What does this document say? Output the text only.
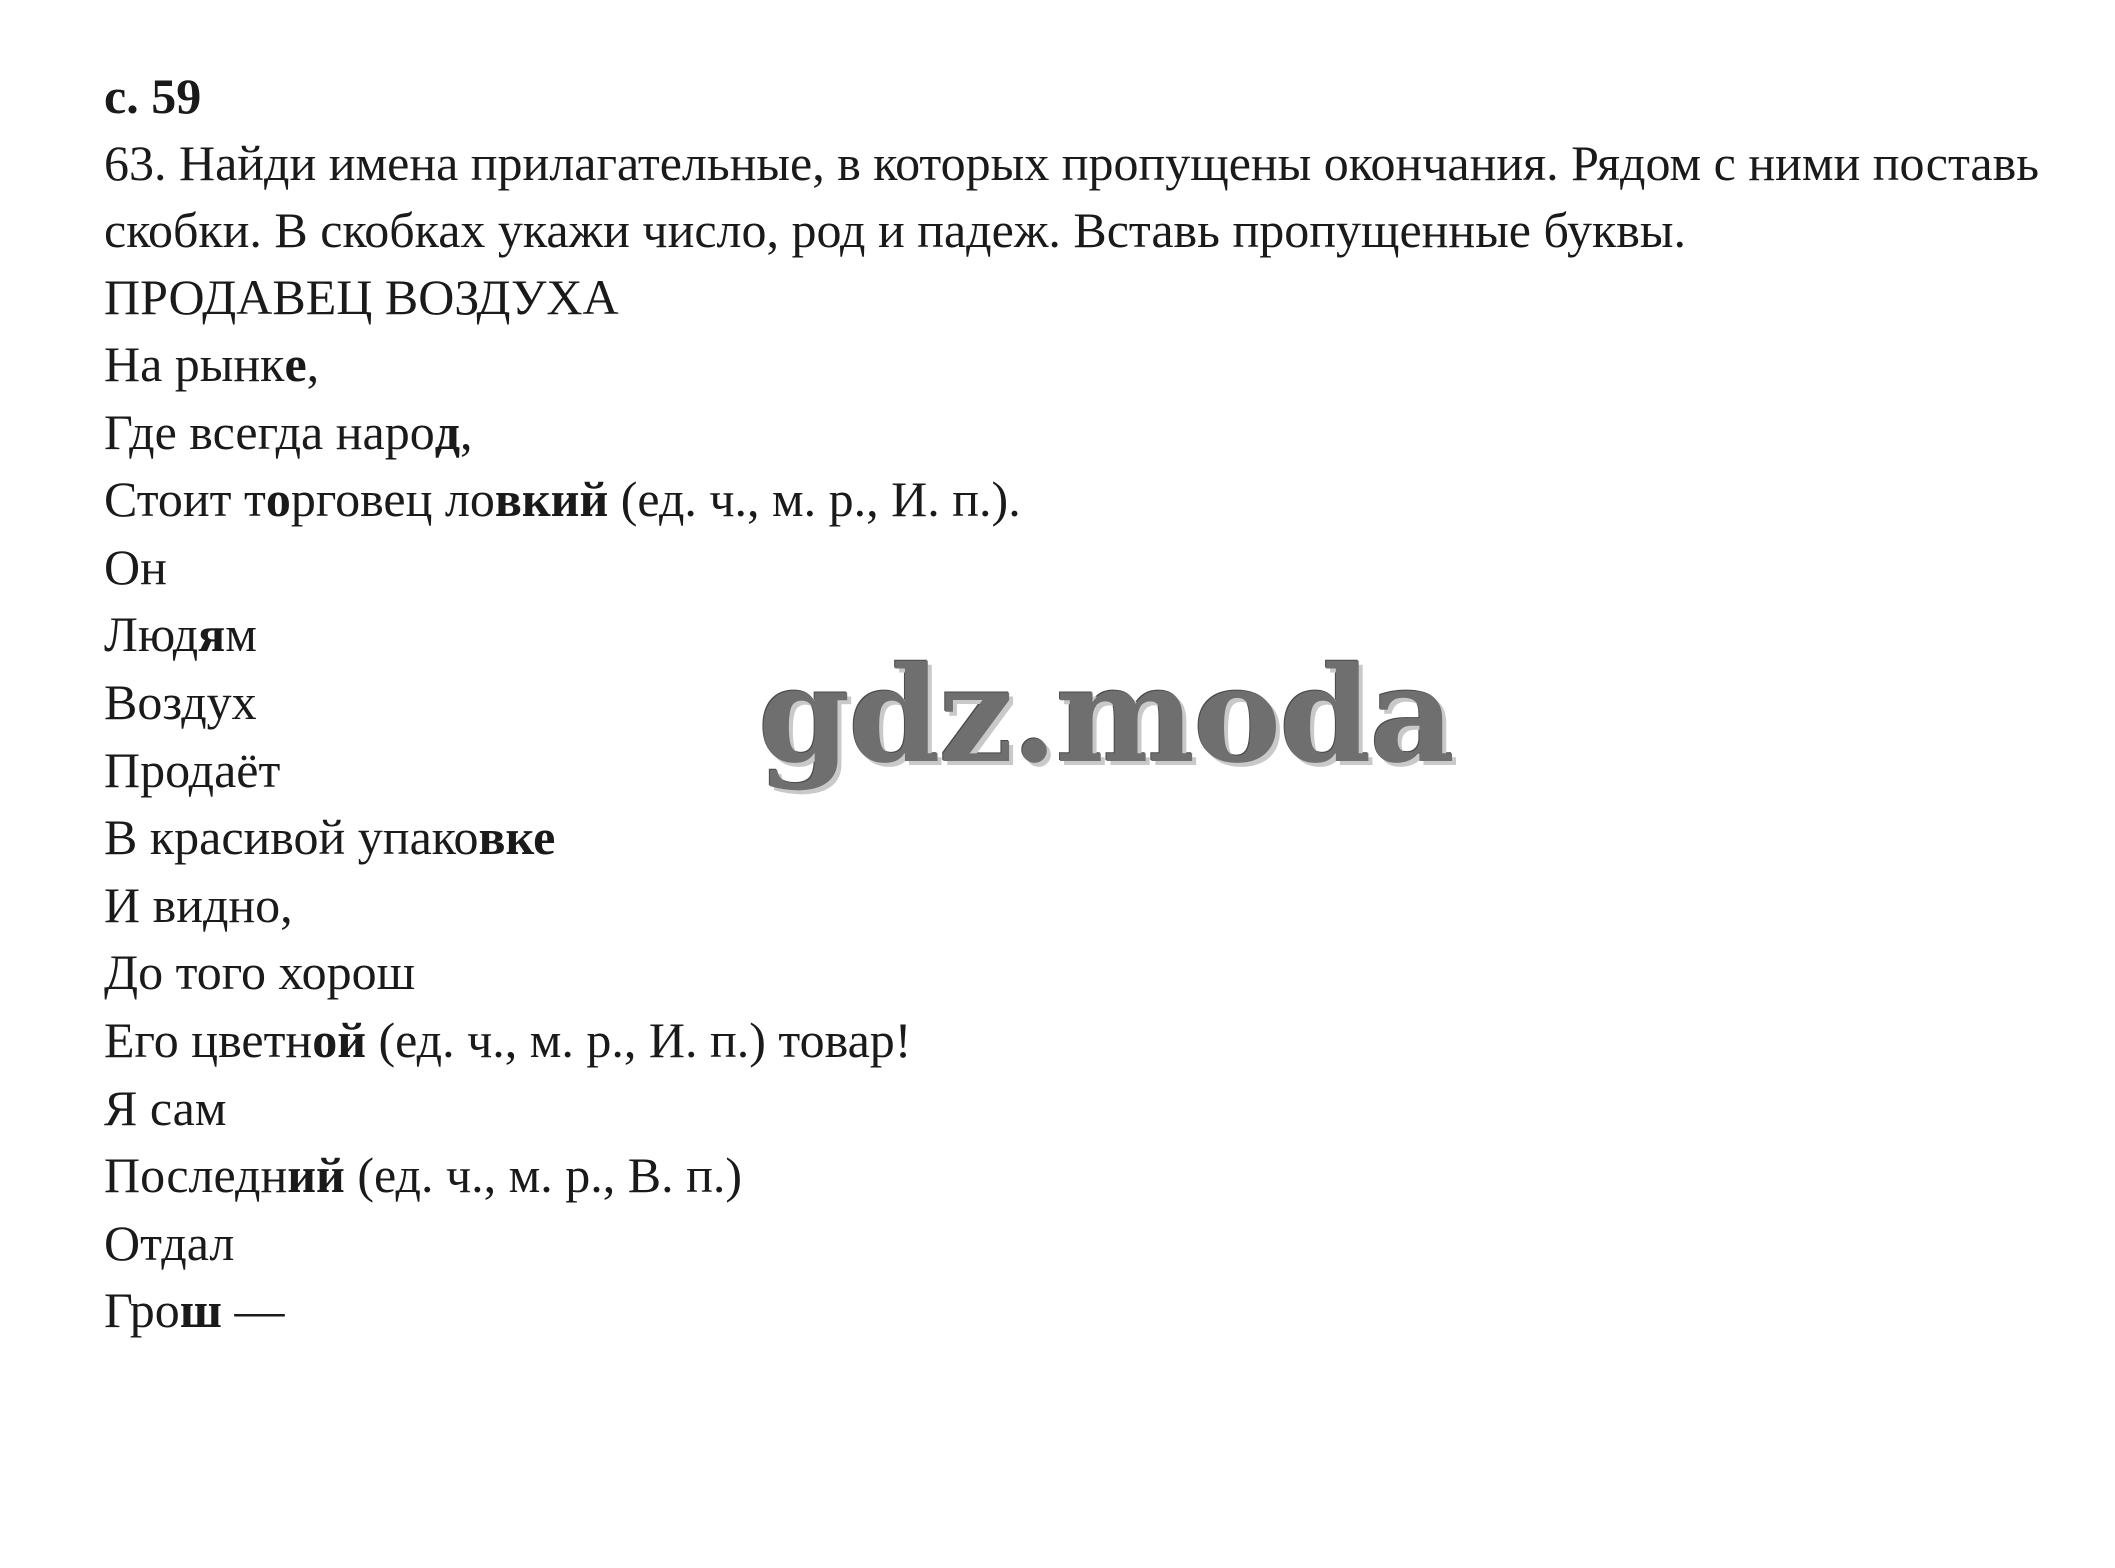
с. 59

63. Найди имена прилагательные, в которых пропущены окончания. Рядом с ними поставь скобки. В скобках укажи число, род и падеж. Вставь пропущенные буквы.

ПРОДАВЕЦ ВОЗДУХА
На рынке,
Где всегда народ,
Стоит торговец ловкий (ед. ч., м. р., И. п.).
Он
Людям
Воздух
Продаёт
В красивой упаковке
И видно,
До того хорош
Его цветной (ед. ч., м. р., И. п.) товар!
Я сам
Последний (ед. ч., м. р., В. п.)
Отдал
Грош —
gdz.moda
